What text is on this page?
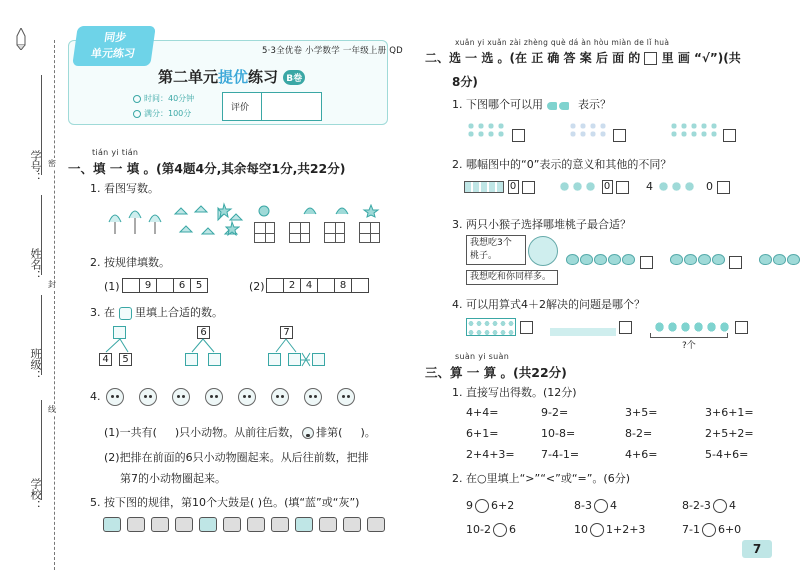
学号：
姓名：
班级：
学校：
密
封
线
同步
单元练习	5·3全优卷 小学数学 一年级上册 QD
第二单元提优练习 B卷
时间：40分钟
满分：100分
评价
tián yi tián
一、填 一 填 。(第4题4分,其余每空1分,共22分)
1. 看图写数。
2. 按规律填数。
(1)
		9		6	5	(2)
	2	4		8	
3. 在 里填上合适的数。
4	5
6	7
4.
(1)一共有( )只小动物。从前往后数， 排第( )。
(2)把排在前面的6只小动物圈起来。从后往前数，把排
第7的小动物圈起来。
5. 按下图的规律，第10个大鼓是( )色。(填“蓝”或“灰”)
xuǎn yi xuǎn zài zhèng què dá àn hòu miàn de lǐ huà
二、选 一 选 。(在 正 确 答 案 后 面 的 里 画 “√”)(共
8分)
1. 下图哪个可以用	表示？

2. 哪幅图中的“0”表示的意义和其他的不同？
0	0	4	0
3. 两只小猴子选择哪堆桃子最合适？
我想吃3个
桃子。
我想吃和你同样多。

4. 可以用算式4＋2解决的问题是哪个？

?个
suàn yi suàn
三、算 一 算 。(共22分)
1. 直接写出得数。(12分)
4+4=	9-2=	3+5=	3+6+1=
6+1=	10-8=	8-2=	2+5+2=
2+4+3=	7-4-1=	4+6=	5-4+6=
2. 在○里填上“>”“<”或“=”。(6分)
9 6+2	8-3 4	8-2-3 4
10-2 6	10 1+2+3	7-1 6+0
7
